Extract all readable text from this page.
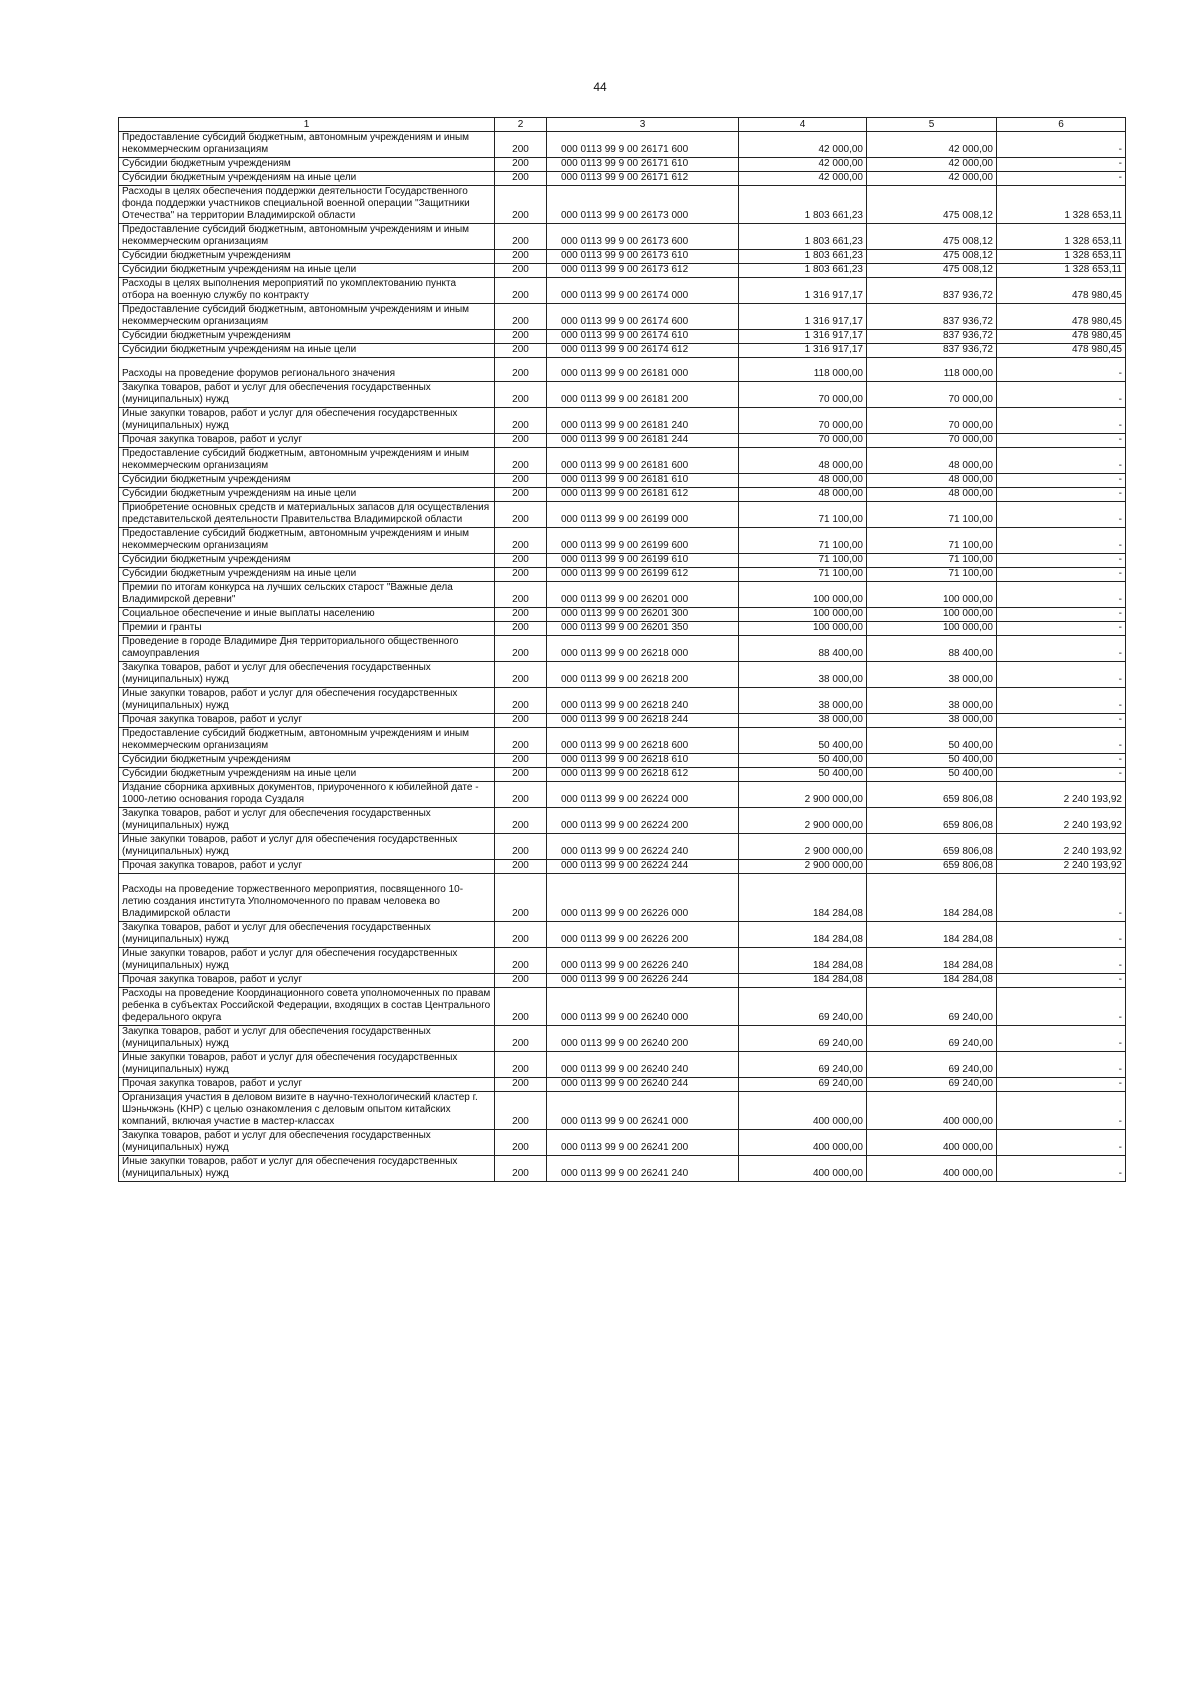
44
1	2	3	4	5	6
Предоставление субсидий бюджетным, автономным учреждениям и иным некоммерческим организациям	200	000 0113 99 9 00 26171 600	42 000,00	42 000,00	-
Субсидии бюджетным учреждениям	200	000 0113 99 9 00 26171 610	42 000,00	42 000,00	-
Субсидии бюджетным учреждениям на иные цели	200	000 0113 99 9 00 26171 612	42 000,00	42 000,00	-
Расходы в целях обеспечения поддержки деятельности Государственного фонда поддержки участников специальной военной операции "Защитники Отечества" на территории Владимирской области	200	000 0113 99 9 00 26173 000	1 803 661,23	475 008,12	1 328 653,11
Предоставление субсидий бюджетным, автономным учреждениям и иным некоммерческим организациям	200	000 0113 99 9 00 26173 600	1 803 661,23	475 008,12	1 328 653,11
Субсидии бюджетным учреждениям	200	000 0113 99 9 00 26173 610	1 803 661,23	475 008,12	1 328 653,11
Субсидии бюджетным учреждениям на иные цели	200	000 0113 99 9 00 26173 612	1 803 661,23	475 008,12	1 328 653,11
Расходы в целях выполнения мероприятий по укомплектованию пункта отбора на военную службу по контракту	200	000 0113 99 9 00 26174 000	1 316 917,17	837 936,72	478 980,45
Предоставление субсидий бюджетным, автономным учреждениям и иным некоммерческим организациям	200	000 0113 99 9 00 26174 600	1 316 917,17	837 936,72	478 980,45
Субсидии бюджетным учреждениям	200	000 0113 99 9 00 26174 610	1 316 917,17	837 936,72	478 980,45
Субсидии бюджетным учреждениям на иные цели	200	000 0113 99 9 00 26174 612	1 316 917,17	837 936,72	478 980,45
Расходы на проведение форумов регионального значения	200	000 0113 99 9 00 26181 000	118 000,00	118 000,00	-
Закупка товаров, работ и услуг для обеспечения государственных (муниципальных) нужд	200	000 0113 99 9 00 26181 200	70 000,00	70 000,00	-
Иные закупки товаров, работ и услуг для обеспечения государственных (муниципальных) нужд	200	000 0113 99 9 00 26181 240	70 000,00	70 000,00	-
Прочая закупка товаров, работ и услуг	200	000 0113 99 9 00 26181 244	70 000,00	70 000,00	-
Предоставление субсидий бюджетным, автономным учреждениям и иным некоммерческим организациям	200	000 0113 99 9 00 26181 600	48 000,00	48 000,00	-
Субсидии бюджетным учреждениям	200	000 0113 99 9 00 26181 610	48 000,00	48 000,00	-
Субсидии бюджетным учреждениям на иные цели	200	000 0113 99 9 00 26181 612	48 000,00	48 000,00	-
Приобретение основных средств и материальных запасов для осуществления представительской деятельности Правительства Владимирской области	200	000 0113 99 9 00 26199 000	71 100,00	71 100,00	-
Предоставление субсидий бюджетным, автономным учреждениям и иным некоммерческим организациям	200	000 0113 99 9 00 26199 600	71 100,00	71 100,00	-
Субсидии бюджетным учреждениям	200	000 0113 99 9 00 26199 610	71 100,00	71 100,00	-
Субсидии бюджетным учреждениям на иные цели	200	000 0113 99 9 00 26199 612	71 100,00	71 100,00	-
Премии по итогам конкурса на лучших сельских старост "Важные дела Владимирской деревни"	200	000 0113 99 9 00 26201 000	100 000,00	100 000,00	-
Социальное обеспечение и иные выплаты населению	200	000 0113 99 9 00 26201 300	100 000,00	100 000,00	-
Премии и гранты	200	000 0113 99 9 00 26201 350	100 000,00	100 000,00	-
Проведение в городе Владимире Дня территориального общественного самоуправления	200	000 0113 99 9 00 26218 000	88 400,00	88 400,00	-
Закупка товаров, работ и услуг для обеспечения государственных (муниципальных) нужд	200	000 0113 99 9 00 26218 200	38 000,00	38 000,00	-
Иные закупки товаров, работ и услуг для обеспечения государственных (муниципальных) нужд	200	000 0113 99 9 00 26218 240	38 000,00	38 000,00	-
Прочая закупка товаров, работ и услуг	200	000 0113 99 9 00 26218 244	38 000,00	38 000,00	-
Предоставление субсидий бюджетным, автономным учреждениям и иным некоммерческим организациям	200	000 0113 99 9 00 26218 600	50 400,00	50 400,00	-
Субсидии бюджетным учреждениям	200	000 0113 99 9 00 26218 610	50 400,00	50 400,00	-
Субсидии бюджетным учреждениям на иные цели	200	000 0113 99 9 00 26218 612	50 400,00	50 400,00	-
Издание сборника архивных документов, приуроченного к юбилейной дате - 1000-летию основания города Суздаля	200	000 0113 99 9 00 26224 000	2 900 000,00	659 806,08	2 240 193,92
Закупка товаров, работ и услуг для обеспечения государственных (муниципальных) нужд	200	000 0113 99 9 00 26224 200	2 900 000,00	659 806,08	2 240 193,92
Иные закупки товаров, работ и услуг для обеспечения государственных (муниципальных) нужд	200	000 0113 99 9 00 26224 240	2 900 000,00	659 806,08	2 240 193,92
Прочая закупка товаров, работ и услуг	200	000 0113 99 9 00 26224 244	2 900 000,00	659 806,08	2 240 193,92
Расходы на проведение торжественного мероприятия, посвященного 10-летию создания института Уполномоченного по правам человека во Владимирской области	200	000 0113 99 9 00 26226 000	184 284,08	184 284,08	-
Закупка товаров, работ и услуг для обеспечения государственных (муниципальных) нужд	200	000 0113 99 9 00 26226 200	184 284,08	184 284,08	-
Иные закупки товаров, работ и услуг для обеспечения государственных (муниципальных) нужд	200	000 0113 99 9 00 26226 240	184 284,08	184 284,08	-
Прочая закупка товаров, работ и услуг	200	000 0113 99 9 00 26226 244	184 284,08	184 284,08	-
Расходы на проведение Координационного совета уполномоченных по правам ребенка в субъектах Российской Федерации, входящих в состав Центрального федерального округа	200	000 0113 99 9 00 26240 000	69 240,00	69 240,00	-
Закупка товаров, работ и услуг для обеспечения государственных (муниципальных) нужд	200	000 0113 99 9 00 26240 200	69 240,00	69 240,00	-
Иные закупки товаров, работ и услуг для обеспечения государственных (муниципальных) нужд	200	000 0113 99 9 00 26240 240	69 240,00	69 240,00	-
Прочая закупка товаров, работ и услуг	200	000 0113 99 9 00 26240 244	69 240,00	69 240,00	-
Организация участия в деловом визите в научно-технологический кластер г. Шэньчжэнь (КНР) с целью ознакомления с деловым опытом китайских компаний, включая участие в мастер-классах	200	000 0113 99 9 00 26241 000	400 000,00	400 000,00	-
Закупка товаров, работ и услуг для обеспечения государственных (муниципальных) нужд	200	000 0113 99 9 00 26241 200	400 000,00	400 000,00	-
Иные закупки товаров, работ и услуг для обеспечения государственных (муниципальных) нужд	200	000 0113 99 9 00 26241 240	400 000,00	400 000,00	-
